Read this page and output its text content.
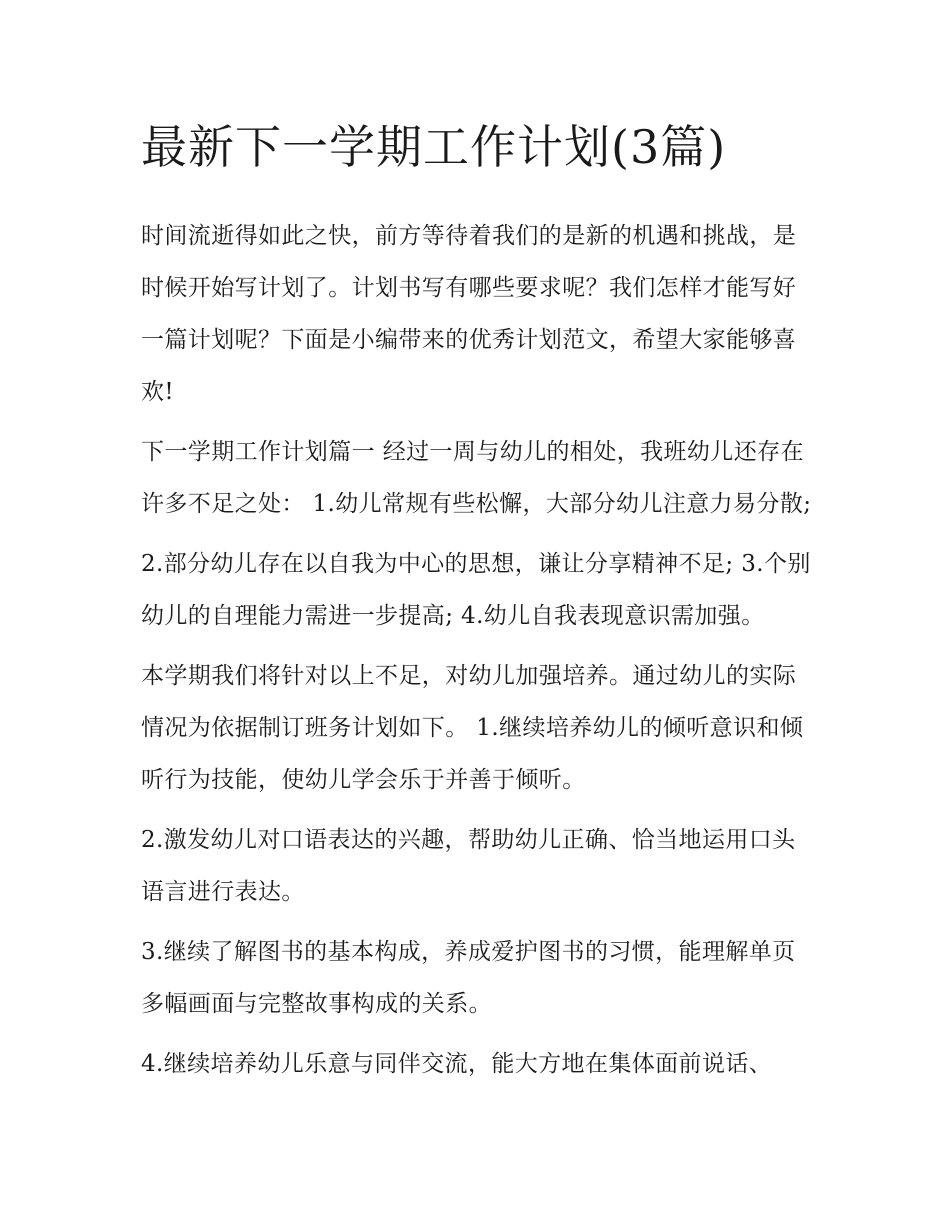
最新下一学期工作计划(3篇)

时间流逝得如此之快，前方等待着我们的是新的机遇和挑战，是时候开始写计划了。计划书写有哪些要求呢？我们怎样才能写好一篇计划呢？下面是小编带来的优秀计划范文，希望大家能够喜欢!

下一学期工作计划篇一 经过一周与幼儿的相处，我班幼儿还存在许多不足之处： 1.幼儿常规有些松懈，大部分幼儿注意力易分散;

2.部分幼儿存在以自我为中心的思想，谦让分享精神不足; 3.个别幼儿的自理能力需进一步提高; 4.幼儿自我表现意识需加强。

本学期我们将针对以上不足，对幼儿加强培养。通过幼儿的实际情况为依据制订班务计划如下。 1.继续培养幼儿的倾听意识和倾听行为技能，使幼儿学会乐于并善于倾听。

2.激发幼儿对口语表达的兴趣，帮助幼儿正确、恰当地运用口头语言进行表达。

3.继续了解图书的基本构成，养成爱护图书的习惯，能理解单页多幅画面与完整故事构成的关系。

4.继续培养幼儿乐意与同伴交流，能大方地在集体面前说话、
